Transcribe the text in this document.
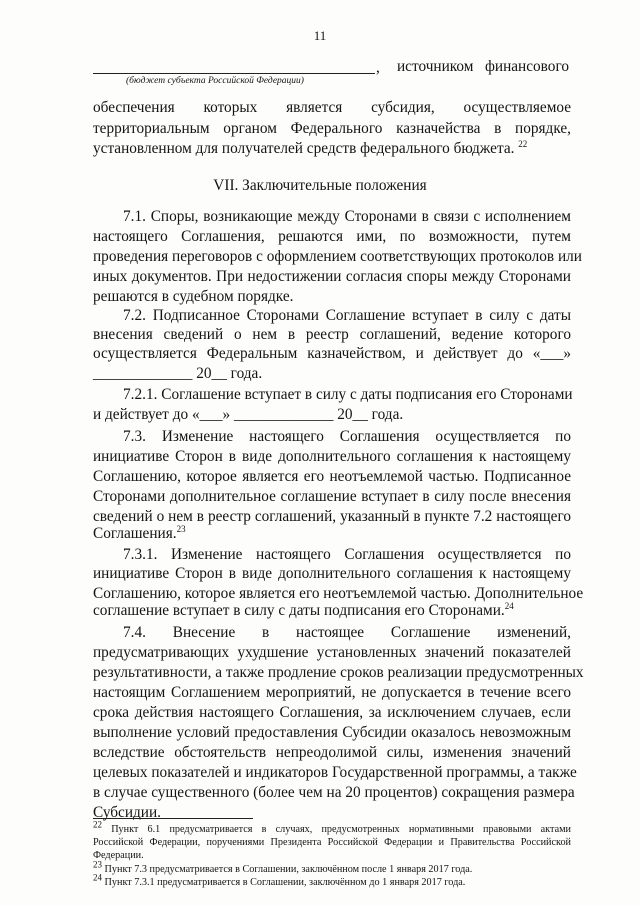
11
, источником финансового
(бюджет субъекта Российской Федерации)
обеспечения которых является субсидия, осуществляемое
территориальным органом Федерального казначейства в порядке,
установленном для получателей средств федерального бюджета. $^{22}$
VII. Заключительные положения
7.1. Споры, возникающие между Сторонами в связи с исполнением
настоящего Соглашения, решаются ими, по возможности, путем
проведения переговоров с оформлением соответствующих протоколов или
иных документов. При недостижении согласия споры между Сторонами
решаются в судебном порядке.
7.2. Подписанное Сторонами Соглашение вступает в силу с даты
внесения сведений о нем в реестр соглашений, ведение которого
осуществляется Федеральным казначейством, и действует до «___»
_____________ 20__ года.
7.2.1. Соглашение вступает в силу с даты подписания его Сторонами
и действует до «___» _____________ 20__ года.
7.3. Изменение настоящего Соглашения осуществляется по
инициативе Сторон в виде дополнительного соглашения к настоящему
Соглашению, которое является его неотъемлемой частью. Подписанное
Сторонами дополнительное соглашение вступает в силу после внесения
сведений о нем в реестр соглашений, указанный в пункте 7.2 настоящего
Соглашения.$^{23}$
7.3.1. Изменение настоящего Соглашения осуществляется по
инициативе Сторон в виде дополнительного соглашения к настоящему
Соглашению, которое является его неотъемлемой частью. Дополнительное
соглашение вступает в силу с даты подписания его Сторонами.$^{24}$
7.4. Внесение в настоящее Соглашение изменений,
предусматривающих ухудшение установленных значений показателей
результативности, а также продление сроков реализации предусмотренных
настоящим Соглашением мероприятий, не допускается в течение всего
срока действия настоящего Соглашения, за исключением случаев, если
выполнение условий предоставления Субсидии оказалось невозможным
вследствие обстоятельств непреодолимой силы, изменения значений
целевых показателей и индикаторов Государственной программы, а также
в случае существенного (более чем на 20 процентов) сокращения размера
Субсидии.
22 Пункт 6.1 предусматривается в случаях, предусмотренных нормативными правовыми актами
Российской Федерации, поручениями Президента Российской Федерации и Правительства Российской
Федерации.
23 Пункт 7.3 предусматривается в Соглашении, заключённом после 1 января 2017 года.
24 Пункт 7.3.1 предусматривается в Соглашении, заключённом до 1 января 2017 года.
